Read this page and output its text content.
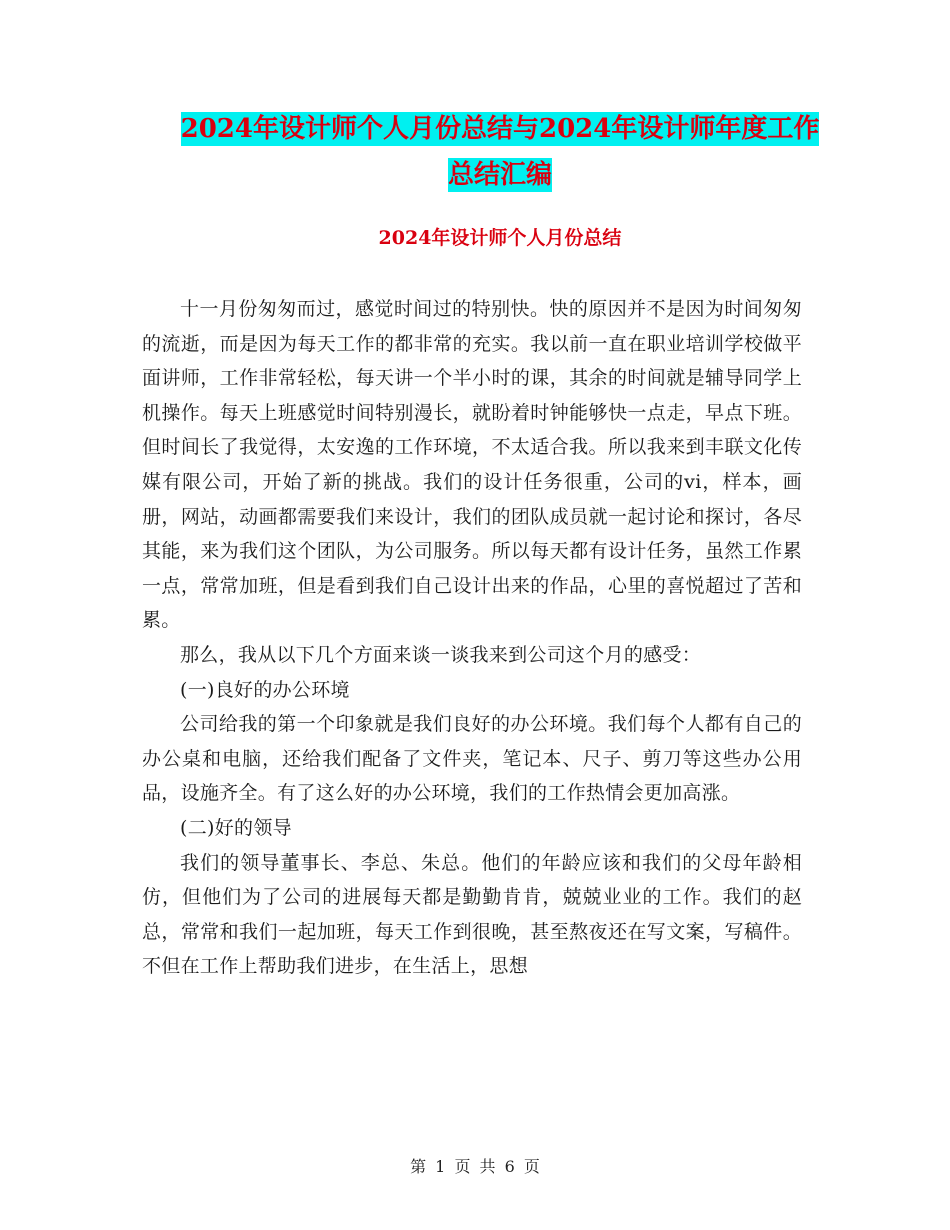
2024年设计师个人月份总结与2024年设计师年度工作
总结汇编
2024年设计师个人月份总结

十一月份匆匆而过，感觉时间过的特别快。快的原因并不是因为时间匆匆的流逝，而是因为每天工作的都非常的充实。我以前一直在职业培训学校做平面讲师，工作非常轻松，每天讲一个半小时的课，其余的时间就是辅导同学上机操作。每天上班感觉时间特别漫长，就盼着时钟能够快一点走，早点下班。但时间长了我觉得，太安逸的工作环境，不太适合我。所以我来到丰联文化传媒有限公司，开始了新的挑战。我们的设计任务很重，公司的vi，样本，画册，网站，动画都需要我们来设计，我们的团队成员就一起讨论和探讨，各尽其能，来为我们这个团队，为公司服务。所以每天都有设计任务，虽然工作累一点，常常加班，但是看到我们自己设计出来的作品，心里的喜悦超过了苦和累。

那么，我从以下几个方面来谈一谈我来到公司这个月的感受：

(一)良好的办公环境

公司给我的第一个印象就是我们良好的办公环境。我们每个人都有自己的办公桌和电脑，还给我们配备了文件夹，笔记本、尺子、剪刀等这些办公用品，设施齐全。有了这么好的办公环境，我们的工作热情会更加高涨。

(二)好的领导

我们的领导董事长、李总、朱总。他们的年龄应该和我们的父母年龄相仿，但他们为了公司的进展每天都是勤勤肯肯，兢兢业业的工作。我们的赵总，常常和我们一起加班，每天工作到很晚，甚至熬夜还在写文案，写稿件。不但在工作上帮助我们进步，在生活上，思想

第 1 页 共 6 页
